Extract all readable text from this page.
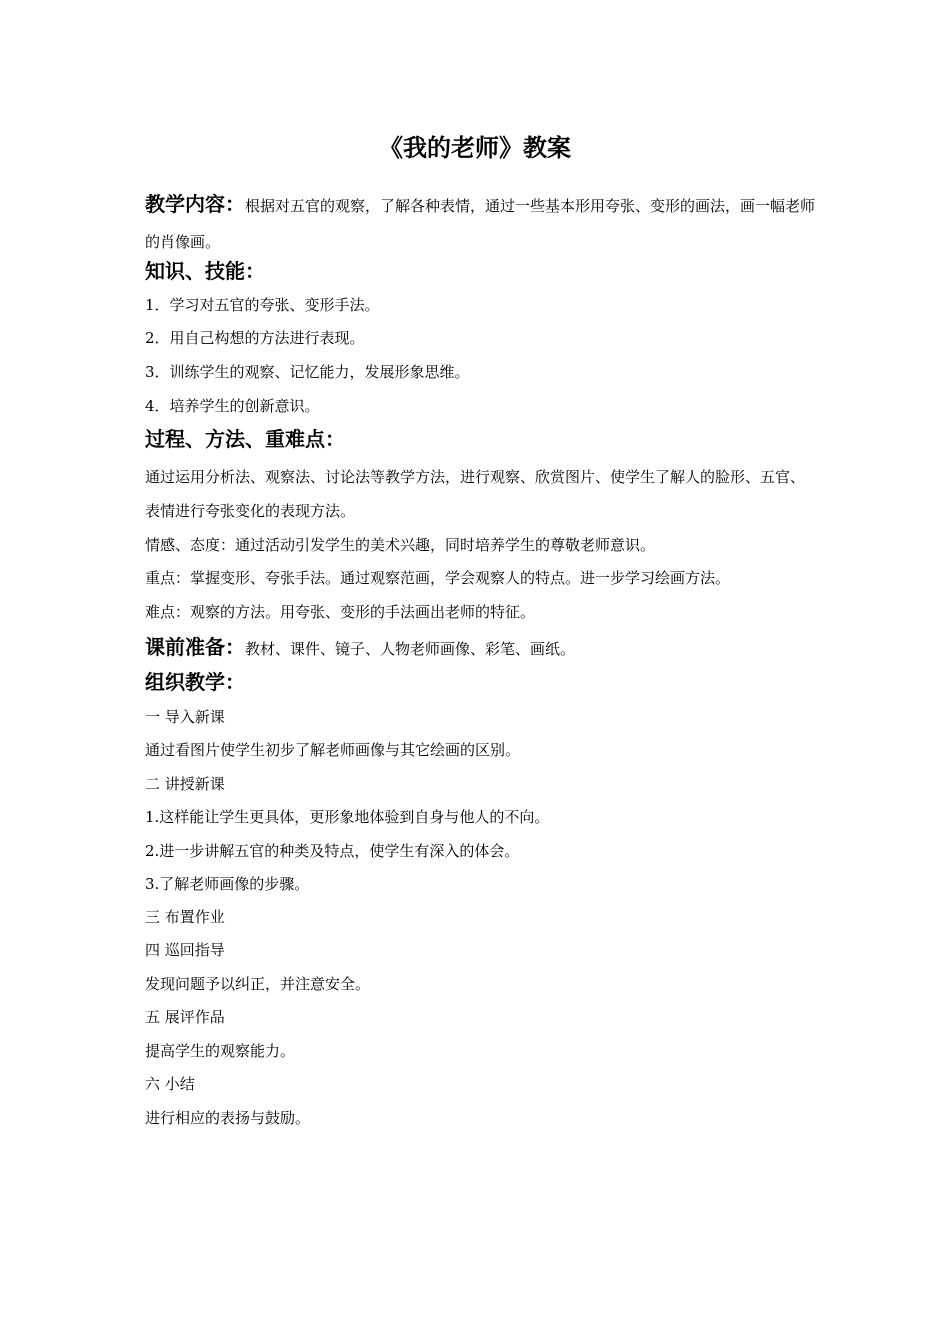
《我的老师》教案
教学内容：根据对五官的观察，了解各种表情，通过一些基本形用夸张、变形的画法，画一幅老师的肖像画。
知识、技能：
1．学习对五官的夸张、变形手法。
2．用自己构想的方法进行表现。
3．训练学生的观察、记忆能力，发展形象思维。
4．培养学生的创新意识。
过程、方法、重难点：
通过运用分析法、观察法、讨论法等教学方法，进行观察、欣赏图片、使学生了解人的脸形、五官、表情进行夸张变化的表现方法。
情感、态度：通过活动引发学生的美术兴趣，同时培养学生的尊敬老师意识。
重点：掌握变形、夸张手法。通过观察范画，学会观察人的特点。进一步学习绘画方法。
难点：观察的方法。用夸张、变形的手法画出老师的特征。
课前准备：教材、课件、镜子、人物老师画像、彩笔、画纸。
组织教学：
一 导入新课
通过看图片使学生初步了解老师画像与其它绘画的区别。
二 讲授新课
1.这样能让学生更具体，更形象地体验到自身与他人的不向。
2.进一步讲解五官的种类及特点，使学生有深入的体会。
3.了解老师画像的步骤。
三 布置作业
四 巡回指导
发现问题予以纠正，并注意安全。
五 展评作品
提高学生的观察能力。
六 小结
进行相应的表扬与鼓励。
